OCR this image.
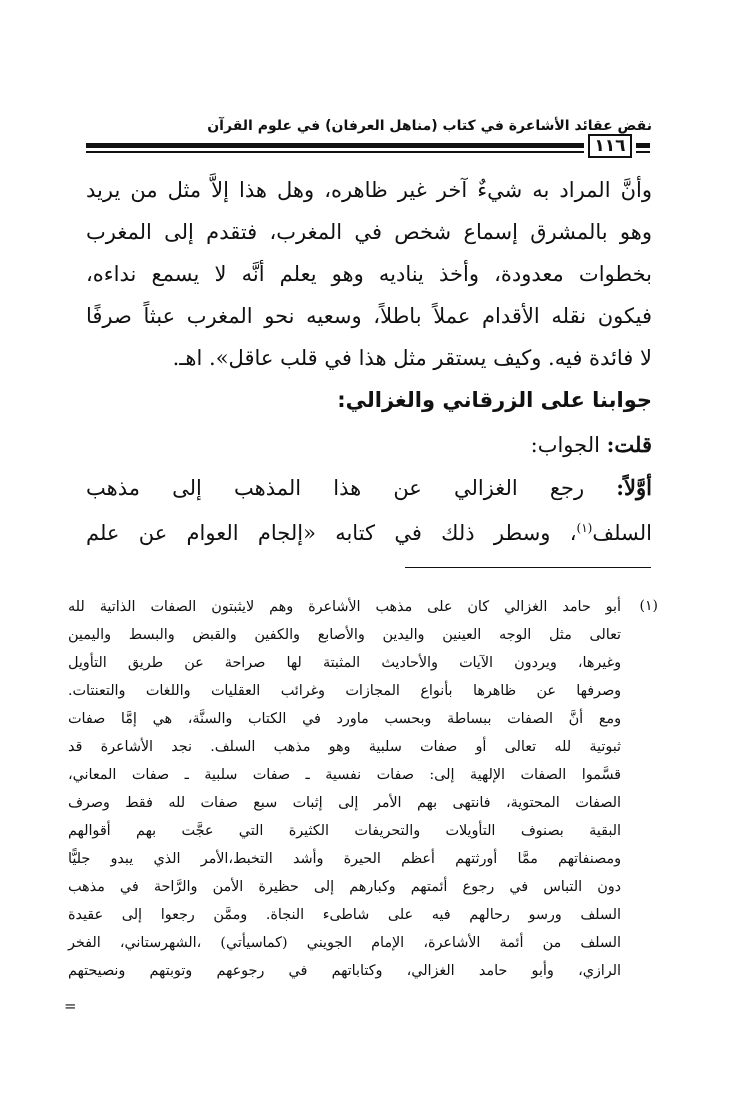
نقض عقائد الأشاعرة في كتاب (مناهل العرفان) في علوم القرآن
١١٦
وأنَّ المراد به شيءٌ آخر غير ظاهره، وهل هذا إلاَّ مثل من يريد
وهو بالمشرق إسماع شخص في المغرب، فتقدم إلى المغرب
بخطوات معدودة، وأخذ يناديه وهو يعلم أنَّه لا يسمع نداءه،
فيكون نقله الأقدام عملاً باطلاً، وسعيه نحو المغرب عبثاً صرفًا
لا فائدة فيه. وكيف يستقر مثل هذا في قلب عاقل». اهـ.
جوابنا على الزرقاني والغزالي:
قلت: الجواب:
أوَّلاً: رجع الغزالي عن هذا المذهب إلى مذهب
السلف$^{(١)}$، وسطر ذلك في كتابه «إلجام العوام عن علم
(١)
أبو حامد الغزالي كان على مذهب الأشاعرة وهم لايثبتون الصفات الذاتية لله
تعالى مثل الوجه العينين واليدين والأصابع والكفين والقبض والبسط واليمين
وغيرها، ويردون الآيات والأحاديث المثبتة لها صراحة عن طريق التأويل
وصرفها عن ظاهرها بأنواع المجازات وغرائب العقليات واللغات والتعنتات.
ومع أنَّ الصفات ببساطة وبحسب ماورد في الكتاب والسنَّة، هي إمَّا صفات
ثبوتية لله تعالى أو صفات سلبية وهو مذهب السلف. نجد الأشاعرة قد
قسَّموا الصفات الإلهية إلى: صفات نفسية ـ صفات سلبية ـ صفات المعاني،
الصفات المحتوية، فانتهى بهم الأمر إلى إثبات سبع صفات لله فقط وصرف
البقية بصنوف التأويلات والتحريفات الكثيرة التي عجَّت بهم أقوالهم
ومصنفاتهم ممَّا أورثتهم أعظم الحيرة وأشد التخبط،الأمر الذي يبدو جليًّا
دون التباس في رجوع أئمتهم وكبارهم إلى حظيرة الأمن والرَّاحة في مذهب
السلف ورسو رحالهم فيه على شاطىء النجاة. وممَّن رجعوا إلى عقيدة
السلف من أئمة الأشاعرة، الإمام الجويني (كماسيأتي) ،الشهرستاني، الفخر
الرازي، وأبو حامد الغزالي، وكتاباتهم في رجوعهم وتوبتهم ونصيحتهم
=
